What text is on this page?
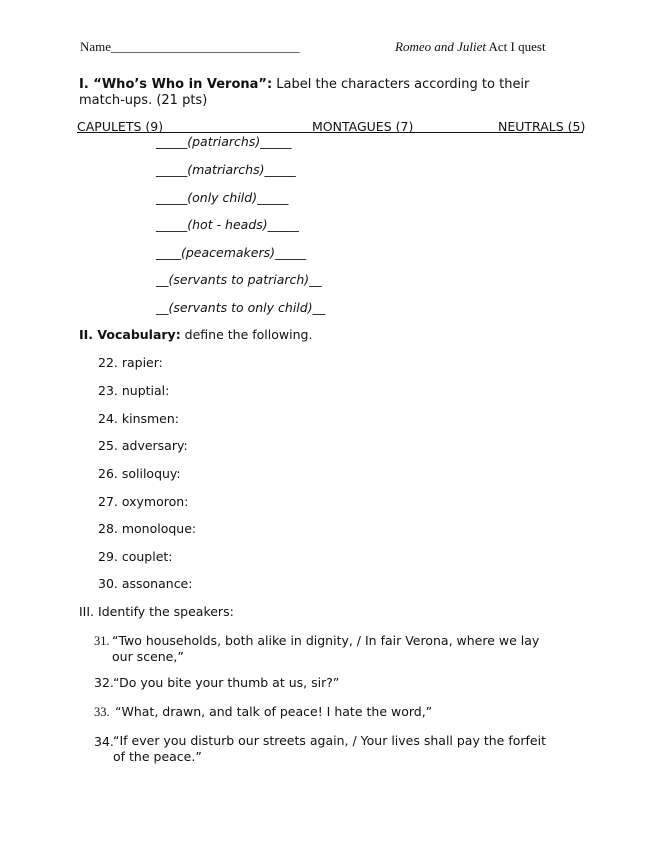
Name_____________________________	Romeo and Juliet Act I quest
I. “Who’s Who in Verona”: Label the characters according to their match-ups. (21 pts)
CAPULETS (9)	MONTAGUES (7)	NEUTRALS (5)
_____(patriarchs)_____
_____(matriarchs)_____
_____(only child)_____
_____(hot - heads)_____
____(peacemakers)_____
__(servants to patriarch)__
__(servants to only child)__
II. Vocabulary: define the following.
22. rapier:
23. nuptial:
24. kinsmen:
25. adversary:
26. soliloquy:
27. oxymoron:
28. monoloque:
29. couplet:
30. assonance:
III. Identify the speakers:
31. “Two households, both alike in dignity, / In fair Verona, where we lay our scene,”
32. “Do you bite your thumb at us, sir?”
33. “What, drawn, and talk of peace! I hate the word,”
34. “If ever you disturb our streets again, / Your lives shall pay the forfeit of the peace.”
